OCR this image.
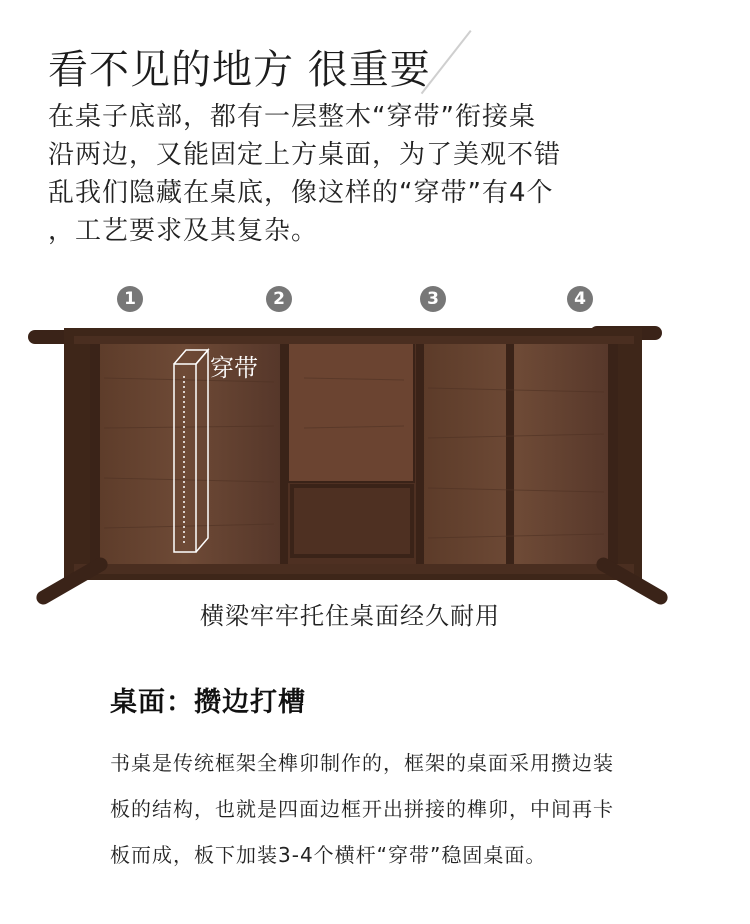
看不见的地方 很重要
在桌子底部，都有一层整木“穿带”衔接桌
沿两边，又能固定上方桌面，为了美观不错
乱我们隐藏在桌底，像这样的“穿带”有4个
，工艺要求及其复杂。
1	2	3	4
穿带
横梁牢牢托住桌面经久耐用
桌面：攒边打槽
书桌是传统框架全榫卯制作的，框架的桌面采用攒边装
板的结构，也就是四面边框开出拼接的榫卯，中间再卡
板而成，板下加装3-4个横杆“穿带”稳固桌面。
